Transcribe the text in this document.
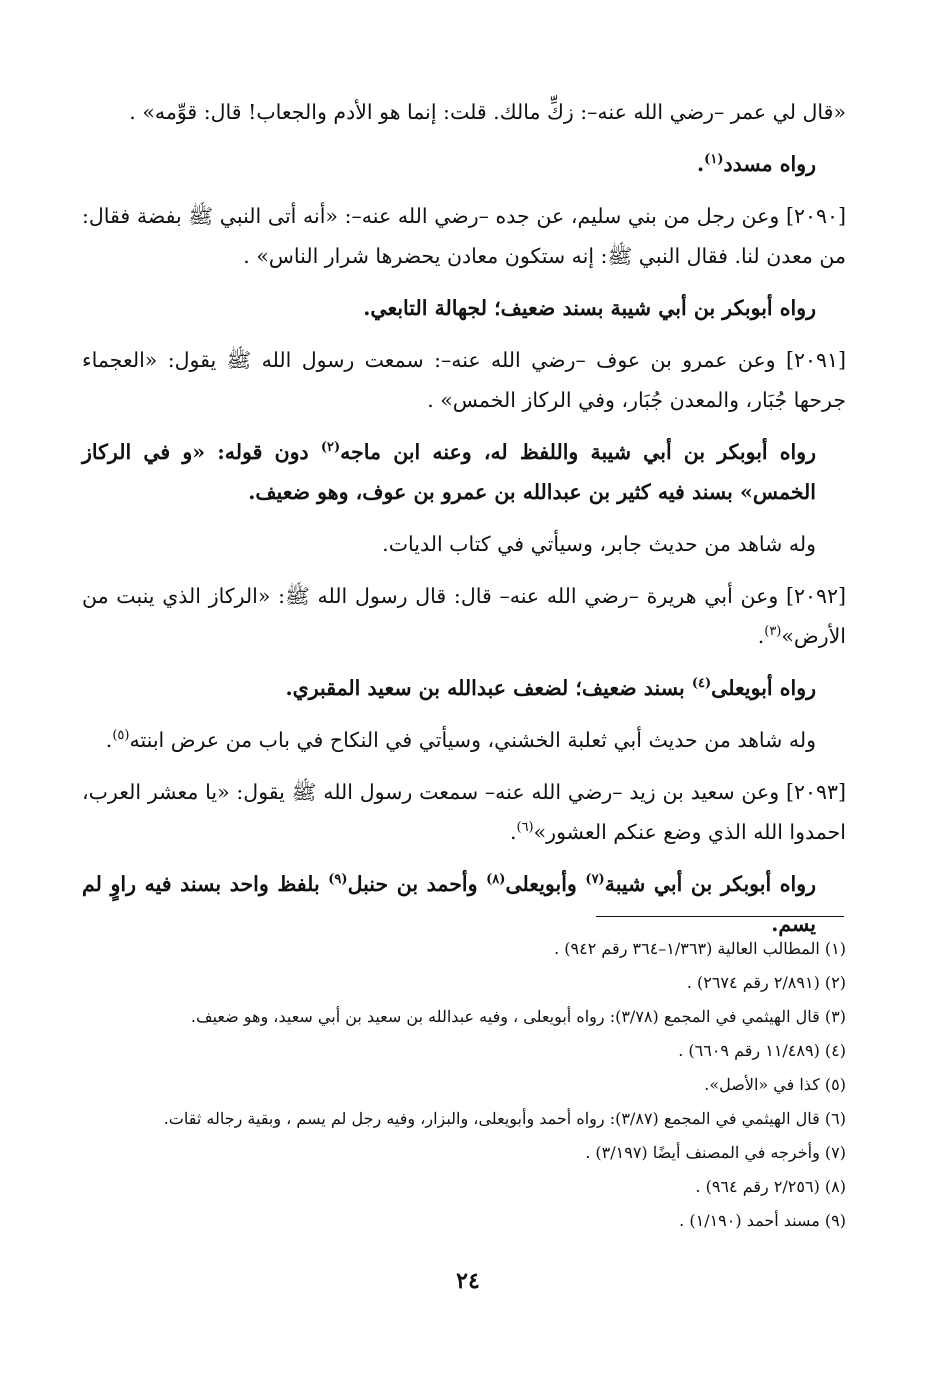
«قال لي عمر –رضي الله عنه–: زكِّ مالك. قلت: إنما هو الأدم والجعاب! قال: قوِّمه» .

رواه مسدد$^{(١)}$.

[٢٠٩٠] وعن رجل من بني سليم، عن جده –رضي الله عنه–: «أنه أتى النبي ﷺ بفضة فقال: من معدن لنا. فقال النبي ﷺ: إنه ستكون معادن يحضرها شرار الناس» .

رواه أبوبكر بن أبي شيبة بسند ضعيف؛ لجهالة التابعي.

[٢٠٩١] وعن عمرو بن عوف –رضي الله عنه–: سمعت رسول الله ﷺ يقول: «العجماء جرحها جُبَار، والمعدن جُبَار، وفي الركاز الخمس» .

رواه أبوبكر بن أبي شيبة واللفظ له، وعنه ابن ماجه$^{(٢)}$ دون قوله: «و في الركاز الخمس» بسند فيه كثير بن عبدالله بن عمرو بن عوف، وهو ضعيف.

وله شاهد من حديث جابر، وسيأتي في كتاب الديات.

[٢٠٩٢] وعن أبي هريرة –رضي الله عنه– قال: قال رسول الله ﷺ: «الركاز الذي ينبت من الأرض»$^{(٣)}$.

رواه أبويعلى$^{(٤)}$ بسند ضعيف؛ لضعف عبدالله بن سعيد المقبري.

وله شاهد من حديث أبي ثعلبة الخشني، وسيأتي في النكاح في باب من عرض ابنته$^{(٥)}$.

[٢٠٩٣] وعن سعيد بن زيد –رضي الله عنه– سمعت رسول الله ﷺ يقول: «يا معشر العرب، احمدوا الله الذي وضع عنكم العشور»$^{(٦)}$.

رواه أبوبكر بن أبي شيبة$^{(٧)}$ وأبويعلى$^{(٨)}$ وأحمد بن حنبل$^{(٩)}$ بلفظ واحد بسند فيه راوٍ لم يسم.

(١) المطالب العالية (١/٣٦٣–٣٦٤ رقم ٩٤٢) .
(٢) (٢/٨٩١ رقم ٢٦٧٤) .
(٣) قال الهيثمي في المجمع (٣/٧٨): رواه أبويعلى ، وفيه عبدالله بن سعيد بن أبي سعيد، وهو ضعيف.
(٤) (١١/٤٨٩ رقم ٦٦٠٩) .
(٥) كذا في «الأصل».
(٦) قال الهيثمي في المجمع (٣/٨٧): رواه أحمد وأبويعلى، والبزار، وفيه رجل لم يسم ، وبقية رجاله ثقات.
(٧) وأخرجه في المصنف أيضًا (٣/١٩٧) .
(٨) (٢/٢٥٦ رقم ٩٦٤) .
(٩) مسند أحمد (١/١٩٠) .
٢٤
